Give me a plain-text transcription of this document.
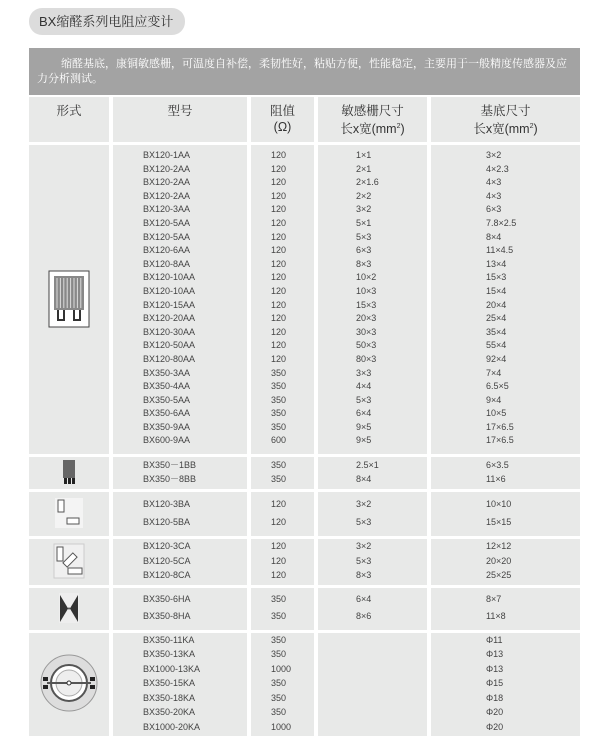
BX缩醛系列电阻应变计
缩醛基底，康铜敏感栅，可温度自补偿，柔韧性好，粘贴方便，性能稳定，主要用于一般精度传感器及应力分析测试。
形式	型号	阻值
(Ω)
敏感栅尺寸
长x宽$(mm^2)$
基底尺寸
长x宽$(mm^2)$
BX120-1AA
BX120-2AA
BX120-2AA
BX120-2AA
BX120-3AA
BX120-5AA
BX120-5AA
BX120-6AA
BX120-8AA
BX120-10AA
BX120-10AA
BX120-15AA
BX120-20AA
BX120-30AA
BX120-50AA
BX120-80AA
BX350-3AA
BX350-4AA
BX350-5AA
BX350-6AA
BX350-9AA
BX600-9AA
120
120
120
120
120
120
120
120
120
120
120
120
120
120
120
120
350
350
350
350
350
600
1×1
2×1
2×1.6
2×2
3×2
5×1
5×3
6×3
8×3
10×2
10×3
15×3
20×3
30×3
50×3
80×3
3×3
4×4
5×3
6×4
9×5
9×5
3×2
4×2.3
4×3
4×3
6×3
7.8×2.5
8×4
11×4.5
13×4
15×3
15×4
20×4
25×4
35×4
55×4
92×4
7×4
6.5×5
9×4
10×5
17×6.5
17×6.5
BX350－1BB
BX350－8BB
350
350
2.5×1
8×4
6×3.5
11×6
BX120-3BA
BX120-5BA
120
120
3×2
5×3
10×10
15×15
BX120-3CA
BX120-5CA
BX120-8CA
120
120
120
3×2
5×3
8×3
12×12
20×20
25×25
BX350-6HA
BX350-8HA
350
350
6×4
8×6
8×7
11×8
BX350-11KA
BX350-13KA
BX1000-13KA
BX350-15KA
BX350-18KA
BX350-20KA
BX1000-20KA
350
350
1000
350
350
350
1000
Φ11
Φ13
Φ13
Φ15
Φ18
Φ20
Φ20
